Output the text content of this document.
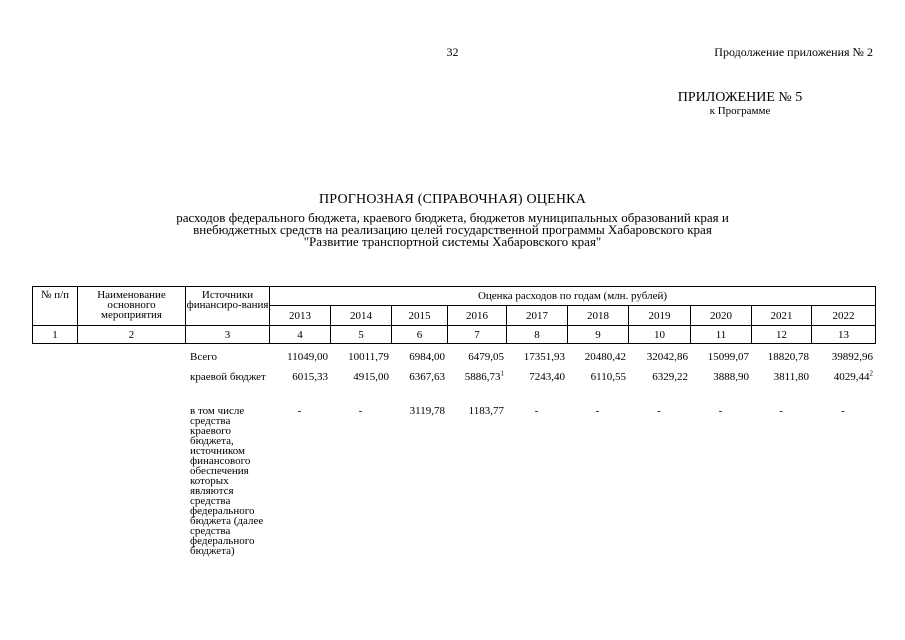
32	Продолжение приложения № 2
ПРИЛОЖЕНИЕ № 5
к Программе
ПРОГНОЗНАЯ (СПРАВОЧНАЯ) ОЦЕНКА
расходов федерального бюджета, краевого бюджета, бюджетов муниципальных образований края и
внебюджетных средств на реализацию целей государственной программы Хабаровского края
"Развитие транспортной системы Хабаровского края"
№ п/п	Наименование основного мероприятия	Источники финансиро-вания	Оценка расходов по годам (млн. рублей)									
			2013	2014	2015	2016	2017	2018	2019	2020	2021	2022
1	2	3	4	5	6	7	8	9	10	11	12	13
		Всего	11049,00	10011,79	6984,00	6479,05	17351,93	20480,42	32042,86	15099,07	18820,78	39892,96
		краевой бюджет	6015,33	4915,00	6367,63	5886,73$^1$	7243,40	6110,55	6329,22	3888,90	3811,80	4029,44$^2$
		в том числе средства краевого бюджета, источником финансового обеспечения которых являются средства федерального бюджета (далее средства федерального бюджета)	-	-	3119,78	1183,77	-	-	-	-	-	-
